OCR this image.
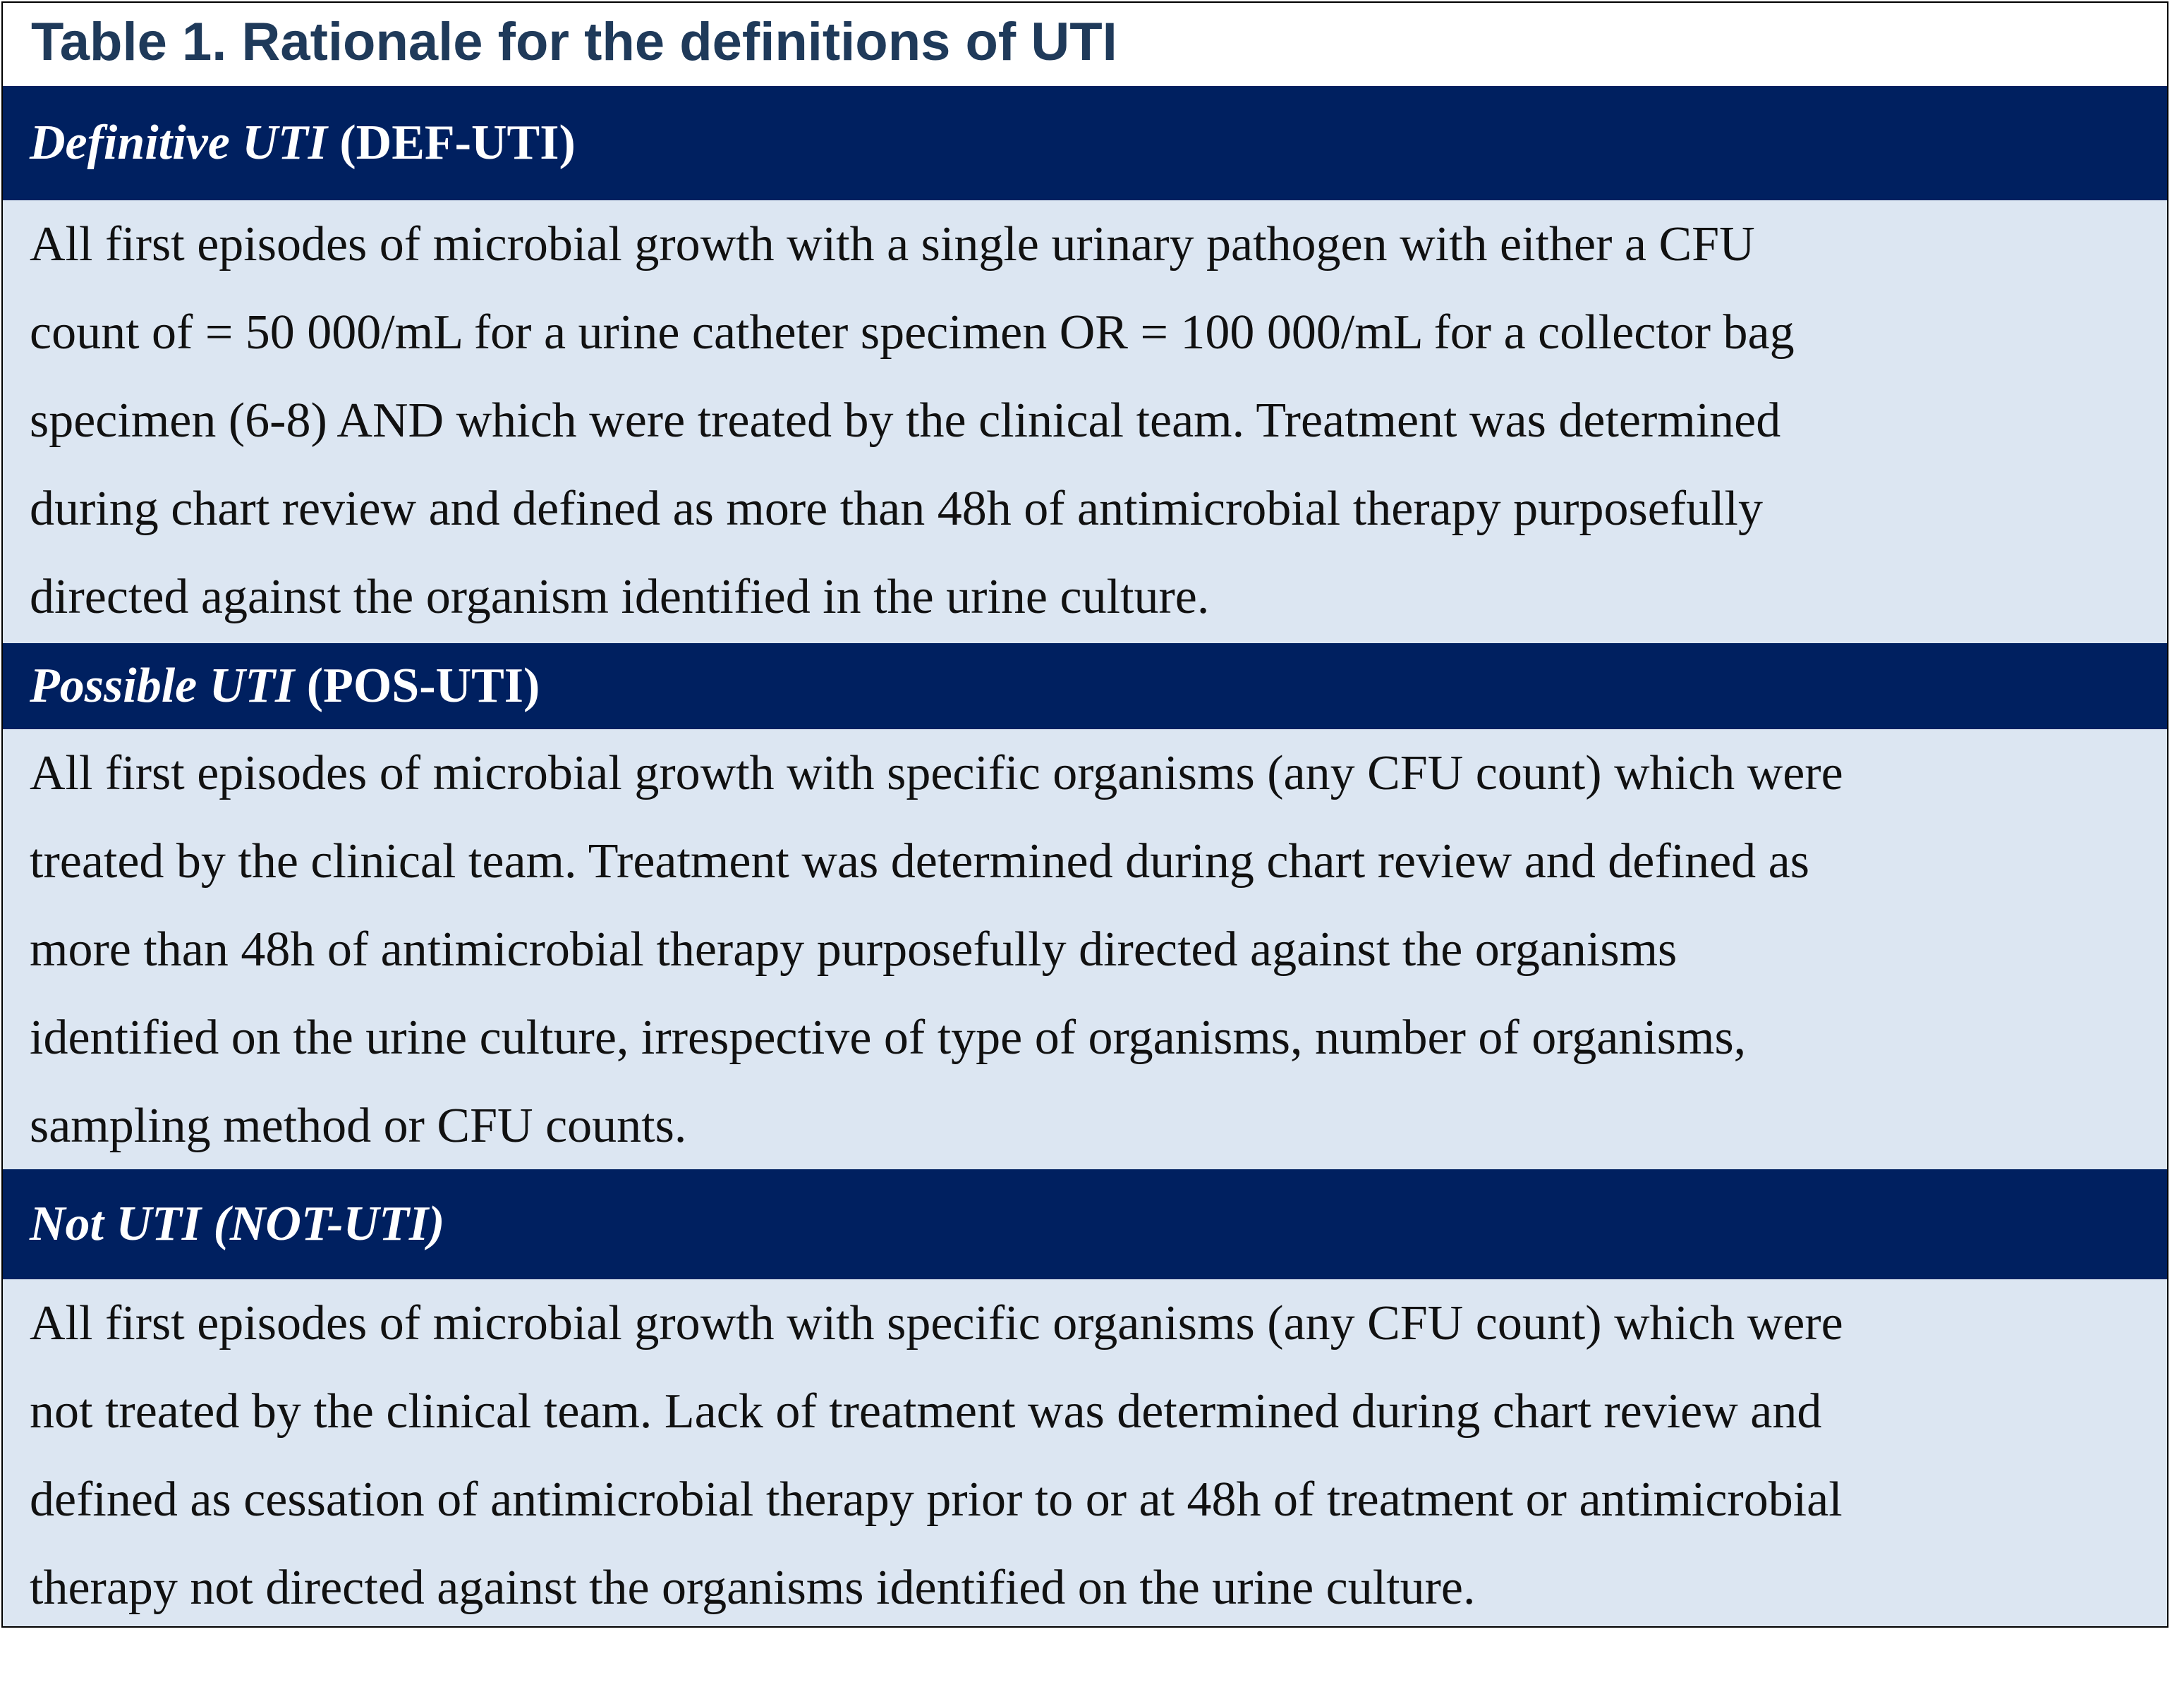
Table 1. Rationale for the definitions of UTI
Definitive UTI (DEF-UTI)
All first episodes of microbial growth with a single urinary pathogen with either a CFU
count of = 50 000/mL for a urine catheter specimen OR = 100 000/mL for a collector bag
specimen (6-8) AND which were treated by the clinical team. Treatment was determined
during chart review and defined as more than 48h of antimicrobial therapy purposefully
directed against the organism identified in the urine culture.
Possible UTI (POS-UTI)
All first episodes of microbial growth with specific organisms (any CFU count) which were
treated by the clinical team. Treatment was determined during chart review and defined as
more than 48h of antimicrobial therapy purposefully directed against the organisms
identified on the urine culture, irrespective of type of organisms, number of organisms,
sampling method or CFU counts.
Not UTI (NOT-UTI)
All first episodes of microbial growth with specific organisms (any CFU count) which were
not treated by the clinical team. Lack of treatment was determined during chart review and
defined as cessation of antimicrobial therapy prior to or at 48h of treatment or antimicrobial
therapy not directed against the organisms identified on the urine culture.
